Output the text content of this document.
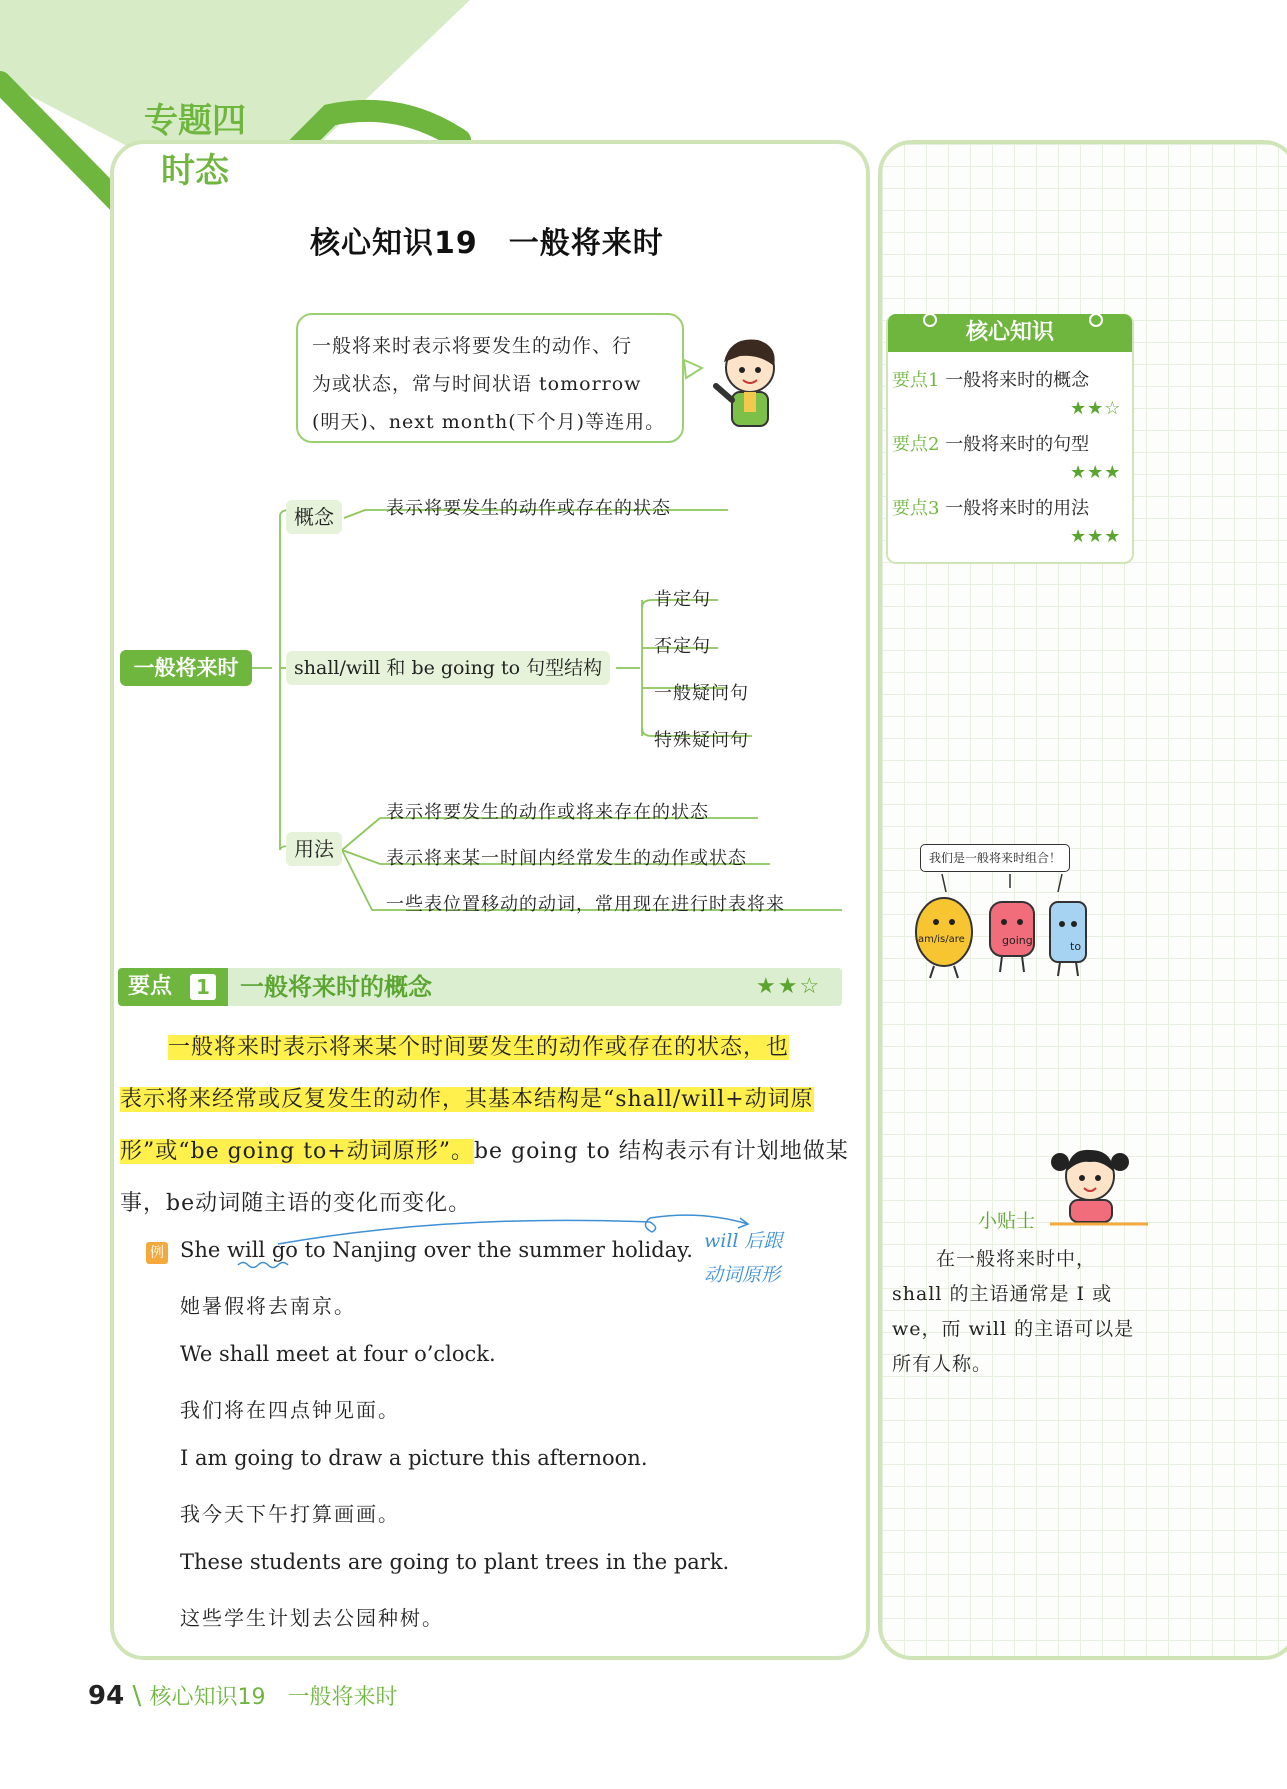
专题四
时态
核心知识19　一般将来时
一般将来时表示将要发生的动作、行
为或状态，常与时间状语 tomorrow
(明天)、next month(下个月)等连用。
一般将来时
概念	表示将要发生的动作或存在的状态
shall/will 和 be going to 句型结构
肯定句
否定句
一般疑问句
特殊疑问句
用法
表示将要发生的动作或将来存在的状态
表示将来某一时间内经常发生的动作或状态
一些表位置移动的动词，常用现在进行时表将来
要点	1 一般将来时的概念	★★☆
一般将来时表示将来某个时间要发生的动作或存在的状态，也
表示将来经常或反复发生的动作，其基本结构是“shall/will+动词原
形”或“be going to+动词原形”。be going to 结构表示有计划地做某
事，be动词随主语的变化而变化。
例 She will go to Nanjing over the summer holiday.
她暑假将去南京。
We shall meet at four o’clock.
我们将在四点钟见面。
I am going to draw a picture this afternoon.
我今天下午打算画画。
These students are going to plant trees in the park.
这些学生计划去公园种树。
will 后跟
动词原形
核心知识
要点1 一般将来时的概念
★★☆
要点2 一般将来时的句型
★★★
要点3 一般将来时的用法
★★★
我们是一般将来时组合！
am/is/are	going	to
小贴士
在一般将来时中，
shall 的主语通常是 I 或
we，而 will 的主语可以是
所有人称。
94 \ 核心知识19　一般将来时
